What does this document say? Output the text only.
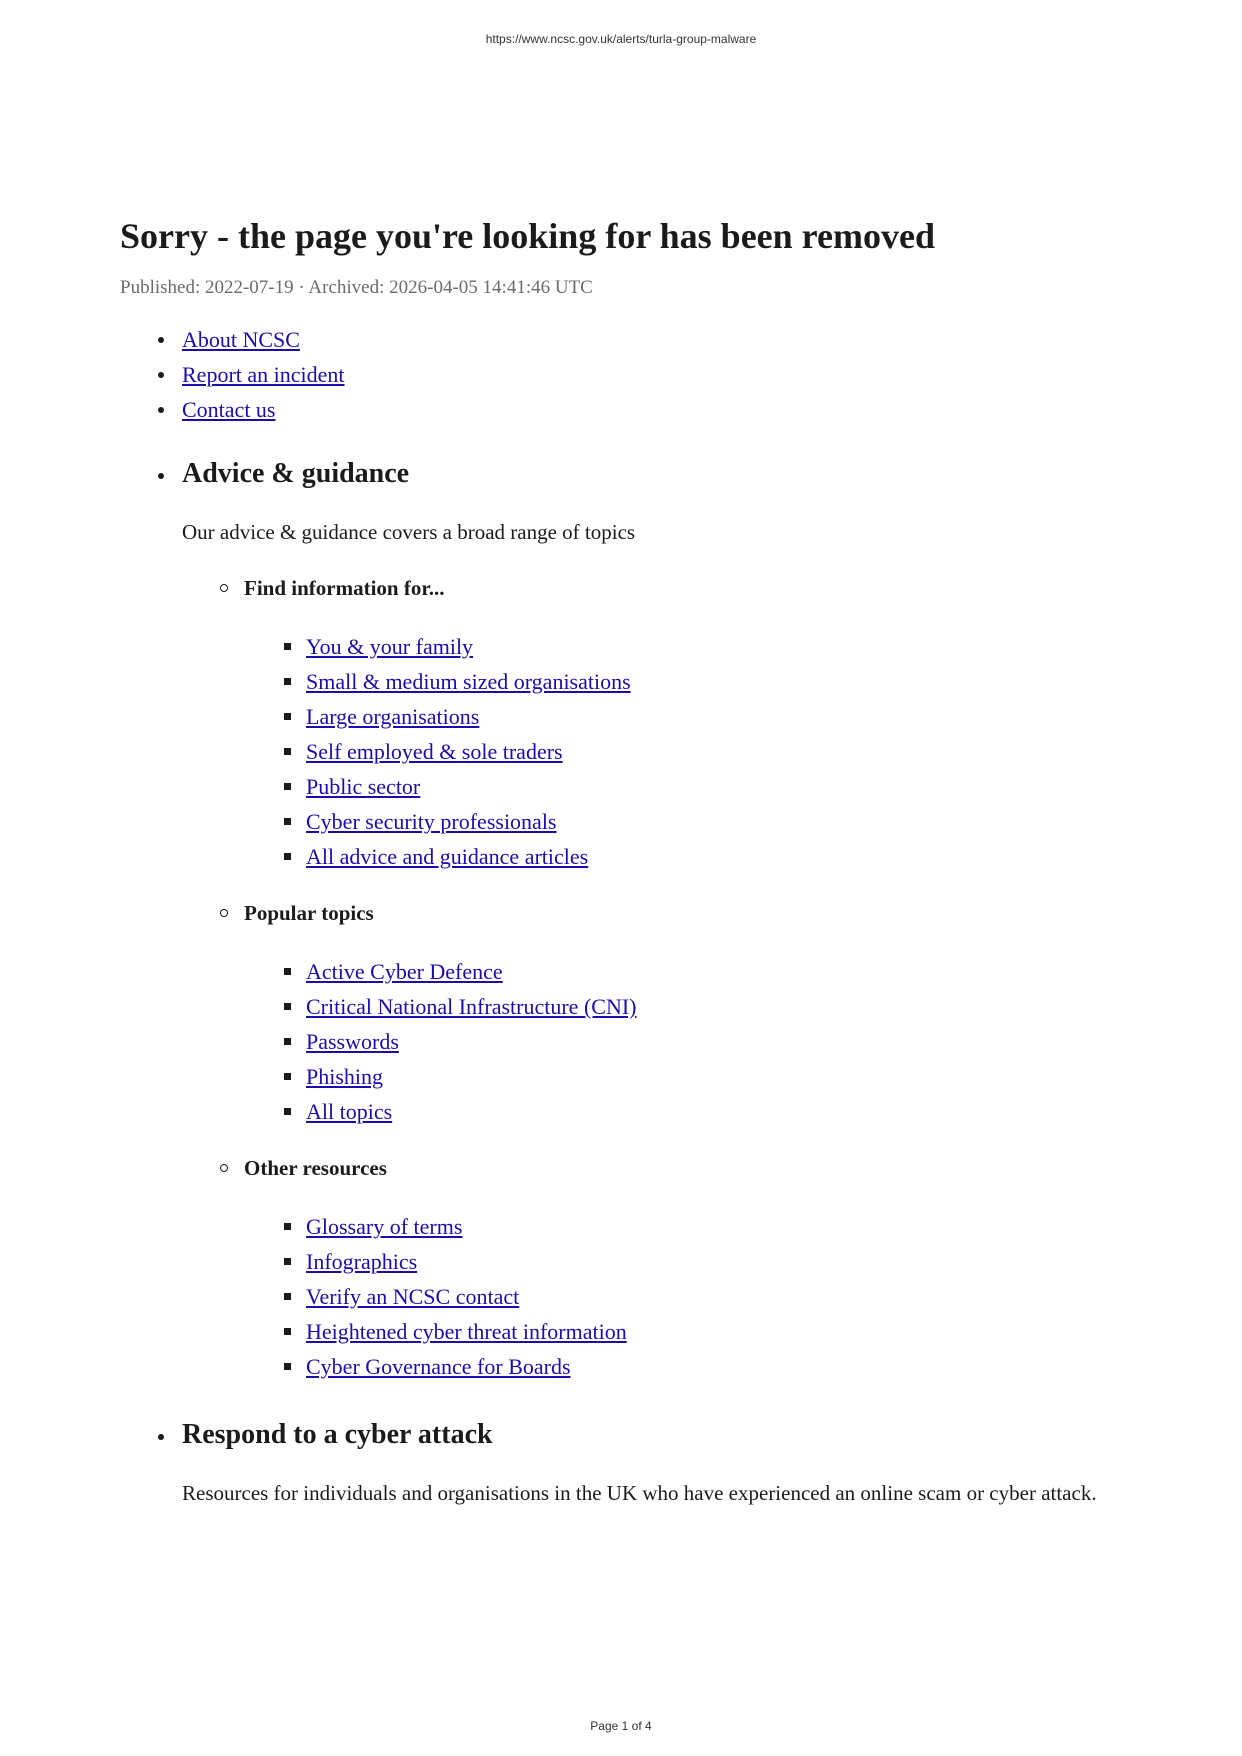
https://www.ncsc.gov.uk/alerts/turla-group-malware
Sorry - the page you're looking for has been removed
Published: 2022-07-19 · Archived: 2026-04-05 14:41:46 UTC
About NCSC
Report an incident
Contact us
Advice & guidance

Our advice & guidance covers a broad range of topics

Find information for...
You & your family
Small & medium sized organisations
Large organisations
Self employed & sole traders
Public sector
Cyber security professionals
All advice and guidance articles
Popular topics
Active Cyber Defence
Critical National Infrastructure (CNI)
Passwords
Phishing
All topics
Other resources
Glossary of terms
Infographics
Verify an NCSC contact
Heightened cyber threat information
Cyber Governance for Boards
Respond to a cyber attack

Resources for individuals and organisations in the UK who have experienced an online scam or cyber attack.

Page 1 of 4
